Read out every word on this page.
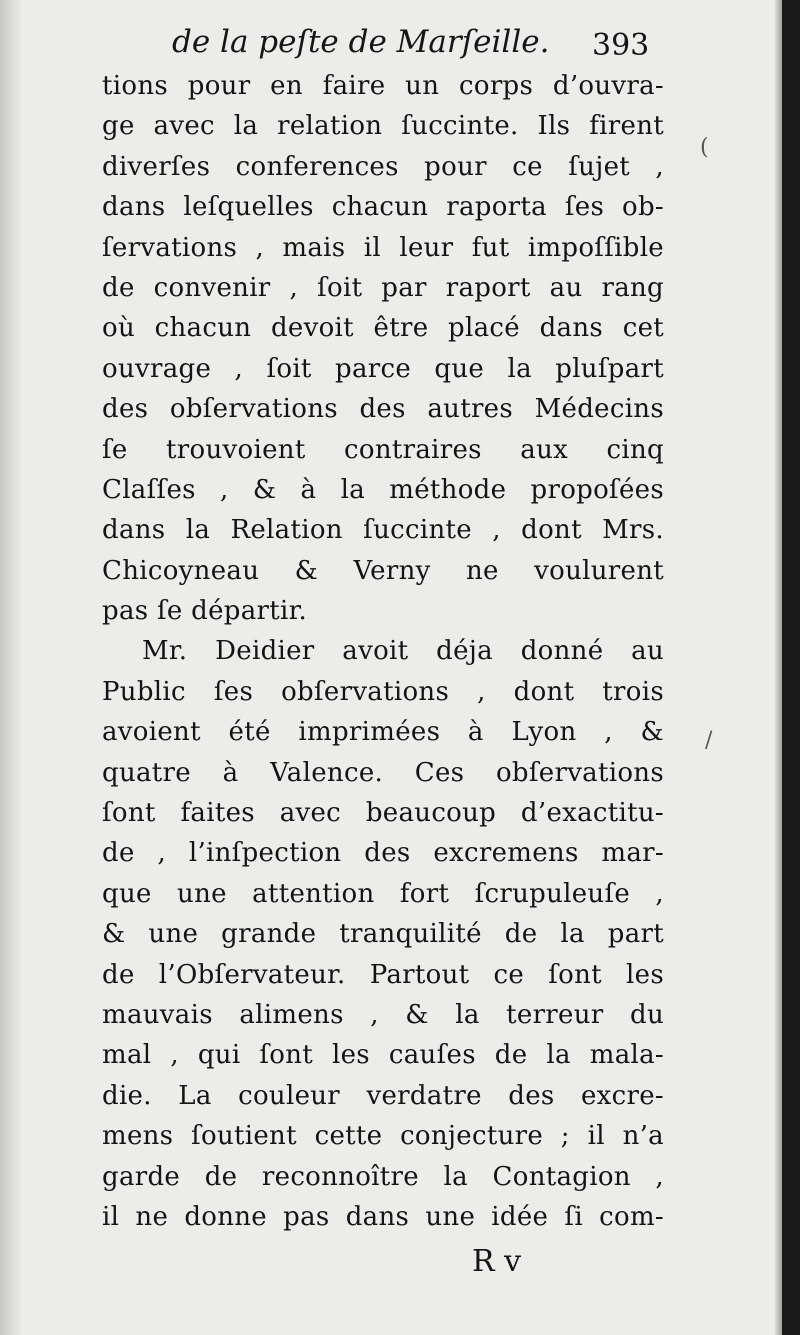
de la peſte de Marſeille. 393
tions pour en faire un corps d’ouvra-
ge avec la relation ſuccinte. Ils firent
diverſes conferences pour ce ſujet ,
dans leſquelles chacun raporta ſes ob-
ſervations , mais il leur fut impoſſible
de convenir , ſoit par raport au rang
où chacun devoit être placé dans cet
ouvrage , ſoit parce que la pluſpart
des obſervations des autres Médecins
ſe trouvoient contraires aux cinq
Claſſes , & à la méthode propoſées
dans la Relation ſuccinte , dont Mrs.
Chicoyneau & Verny ne voulurent
pas ſe départir.
Mr. Deidier avoit déja donné au
Public ſes obſervations , dont trois
avoient été imprimées à Lyon , &
quatre à Valence. Ces obſervations
ſont faites avec beaucoup d’exactitu-
de , l’inſpection des excremens mar-
que une attention fort ſcrupuleuſe ,
& une grande tranquilité de la part
de l’Obſervateur. Partout ce ſont les
mauvais alimens , & la terreur du
mal , qui ſont les cauſes de la mala-
die. La couleur verdatre des excre-
mens ſoutient cette conjecture ; il n’a
garde de reconnoître la Contagion ,
il ne donne pas dans une idée ſi com-
R v
(
/
